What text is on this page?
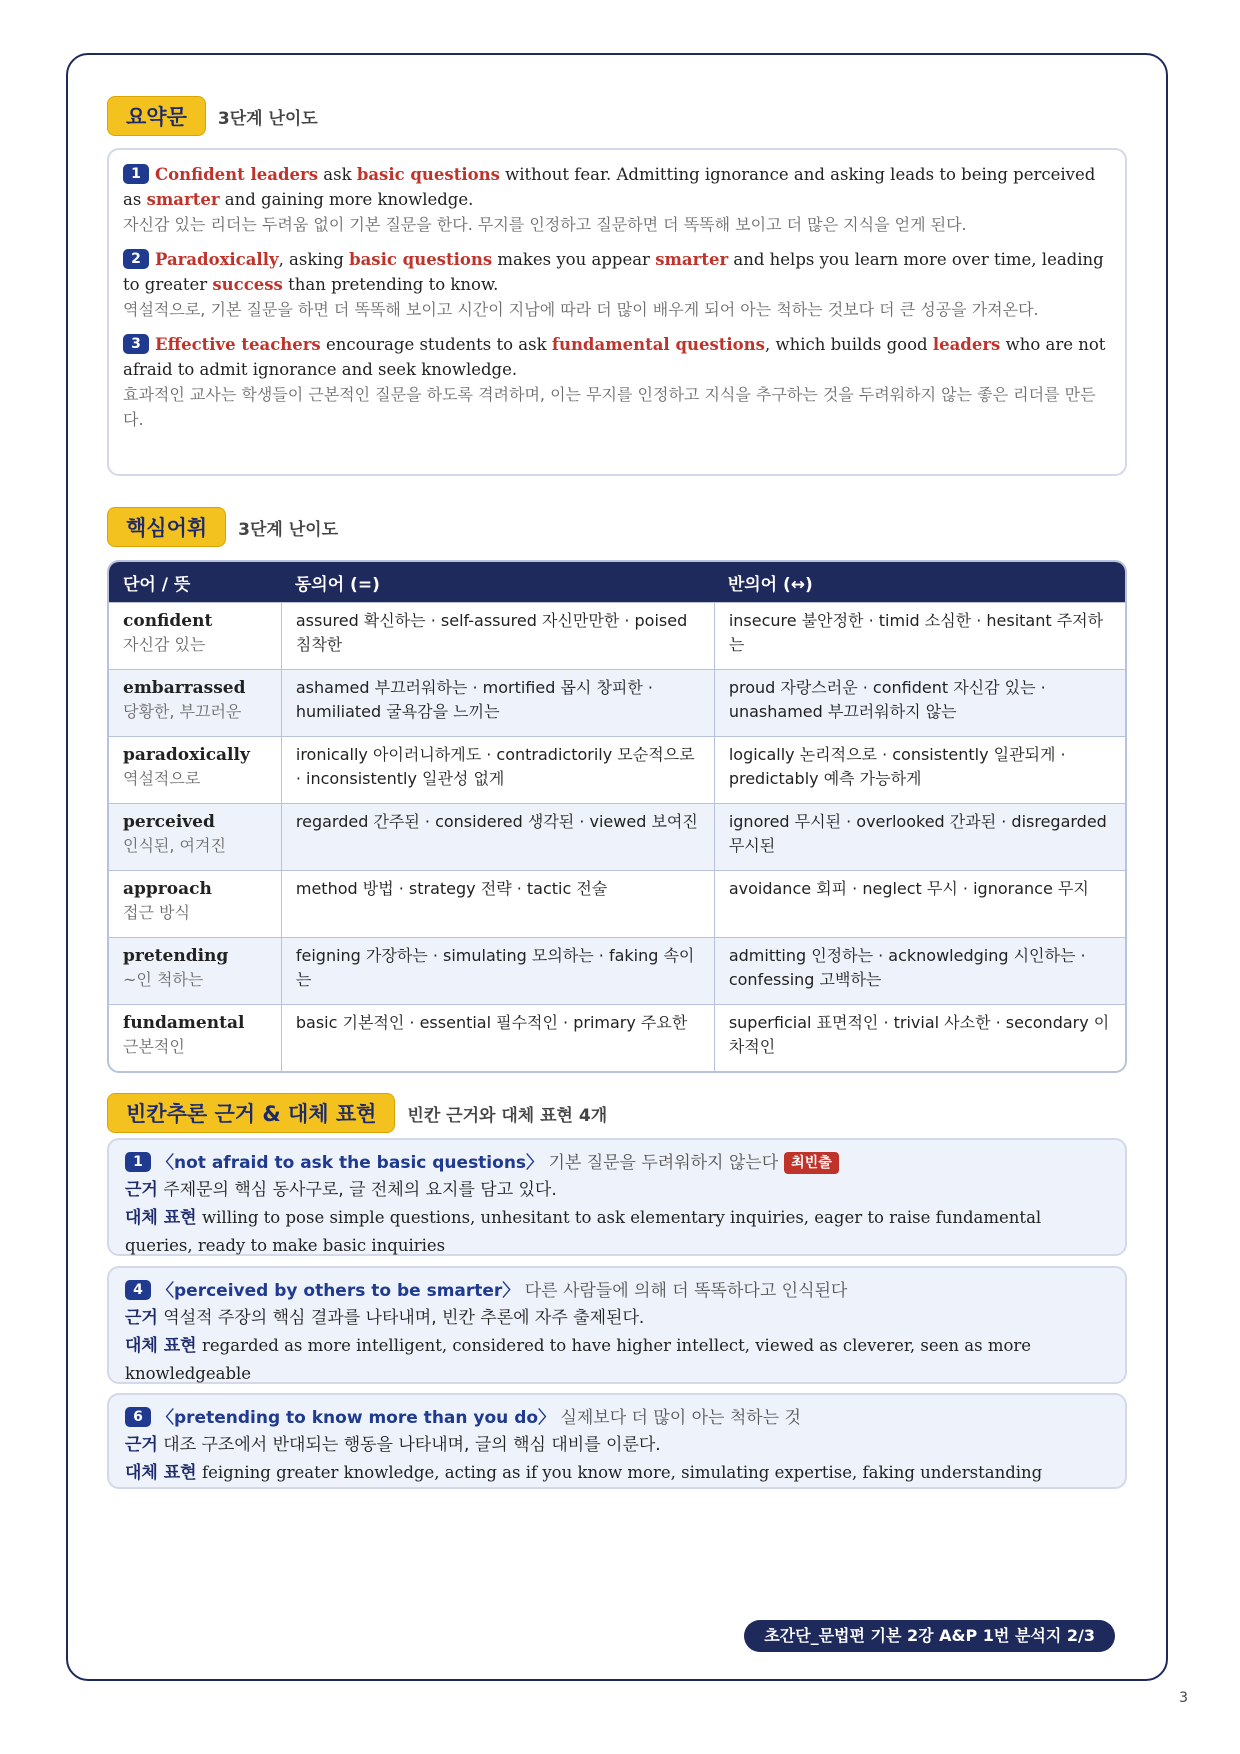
요약문	3단계 난이도
1 Confident leaders ask basic questions without fear. Admitting ignorance and asking leads to being perceived as smarter and gaining more knowledge.
자신감 있는 리더는 두려움 없이 기본 질문을 한다. 무지를 인정하고 질문하면 더 똑똑해 보이고 더 많은 지식을 얻게 된다.
2 Paradoxically, asking basic questions makes you appear smarter and helps you learn more over time, leading to greater success than pretending to know.
역설적으로, 기본 질문을 하면 더 똑똑해 보이고 시간이 지남에 따라 더 많이 배우게 되어 아는 척하는 것보다 더 큰 성공을 가져온다.
3 Effective teachers encourage students to ask fundamental questions, which builds good leaders who are not afraid to admit ignorance and seek knowledge.
효과적인 교사는 학생들이 근본적인 질문을 하도록 격려하며, 이는 무지를 인정하고 지식을 추구하는 것을 두려워하지 않는 좋은 리더를 만든다.
핵심어휘	3단계 난이도
단어 / 뜻	동의어 (=)	반의어 (↔)

confident
자신감 있는	assured 확신하는 · self-assured 자신만만한 · poised 침착한	insecure 불안정한 · timid 소심한 · hesitant 주저하는

embarrassed
당황한, 부끄러운	ashamed 부끄러워하는 · mortified 몹시 창피한 · humiliated 굴욕감을 느끼는	proud 자랑스러운 · confident 자신감 있는 · unashamed 부끄러워하지 않는

paradoxically
역설적으로	ironically 아이러니하게도 · contradictorily 모순적으로 · inconsistently 일관성 없게	logically 논리적으로 · consistently 일관되게 · predictably 예측 가능하게

perceived
인식된, 여겨진	regarded 간주된 · considered 생각된 · viewed 보여진	ignored 무시된 · overlooked 간과된 · disregarded 무시된

approach
접근 방식	method 방법 · strategy 전략 · tactic 전술	avoidance 회피 · neglect 무시 · ignorance 무지

pretending
~인 척하는	feigning 가장하는 · simulating 모의하는 · faking 속이는	admitting 인정하는 · acknowledging 시인하는 · confessing 고백하는

fundamental
근본적인	basic 기본적인 · essential 필수적인 · primary 주요한	superficial 표면적인 · trivial 사소한 · secondary 이차적인
빈칸추론 근거 & 대체 표현	빈칸 근거와 대체 표현 4개
1 〈not afraid to ask the basic questions〉 기본 질문을 두려워하지 않는다 최빈출
근거 주제문의 핵심 동사구로, 글 전체의 요지를 담고 있다.
대체 표현 willing to pose simple questions, unhesitant to ask elementary inquiries, eager to raise fundamental queries, ready to make basic inquiries
4 〈perceived by others to be smarter〉 다른 사람들에 의해 더 똑똑하다고 인식된다
근거 역설적 주장의 핵심 결과를 나타내며, 빈칸 추론에 자주 출제된다.
대체 표현 regarded as more intelligent, considered to have higher intellect, viewed as cleverer, seen as more knowledgeable
6 〈pretending to know more than you do〉 실제보다 더 많이 아는 척하는 것
근거 대조 구조에서 반대되는 행동을 나타내며, 글의 핵심 대비를 이룬다.
대체 표현 feigning greater knowledge, acting as if you know more, simulating expertise, faking understanding
초간단_문법편 기본 2강 A&P 1번 분석지 2/3
3
